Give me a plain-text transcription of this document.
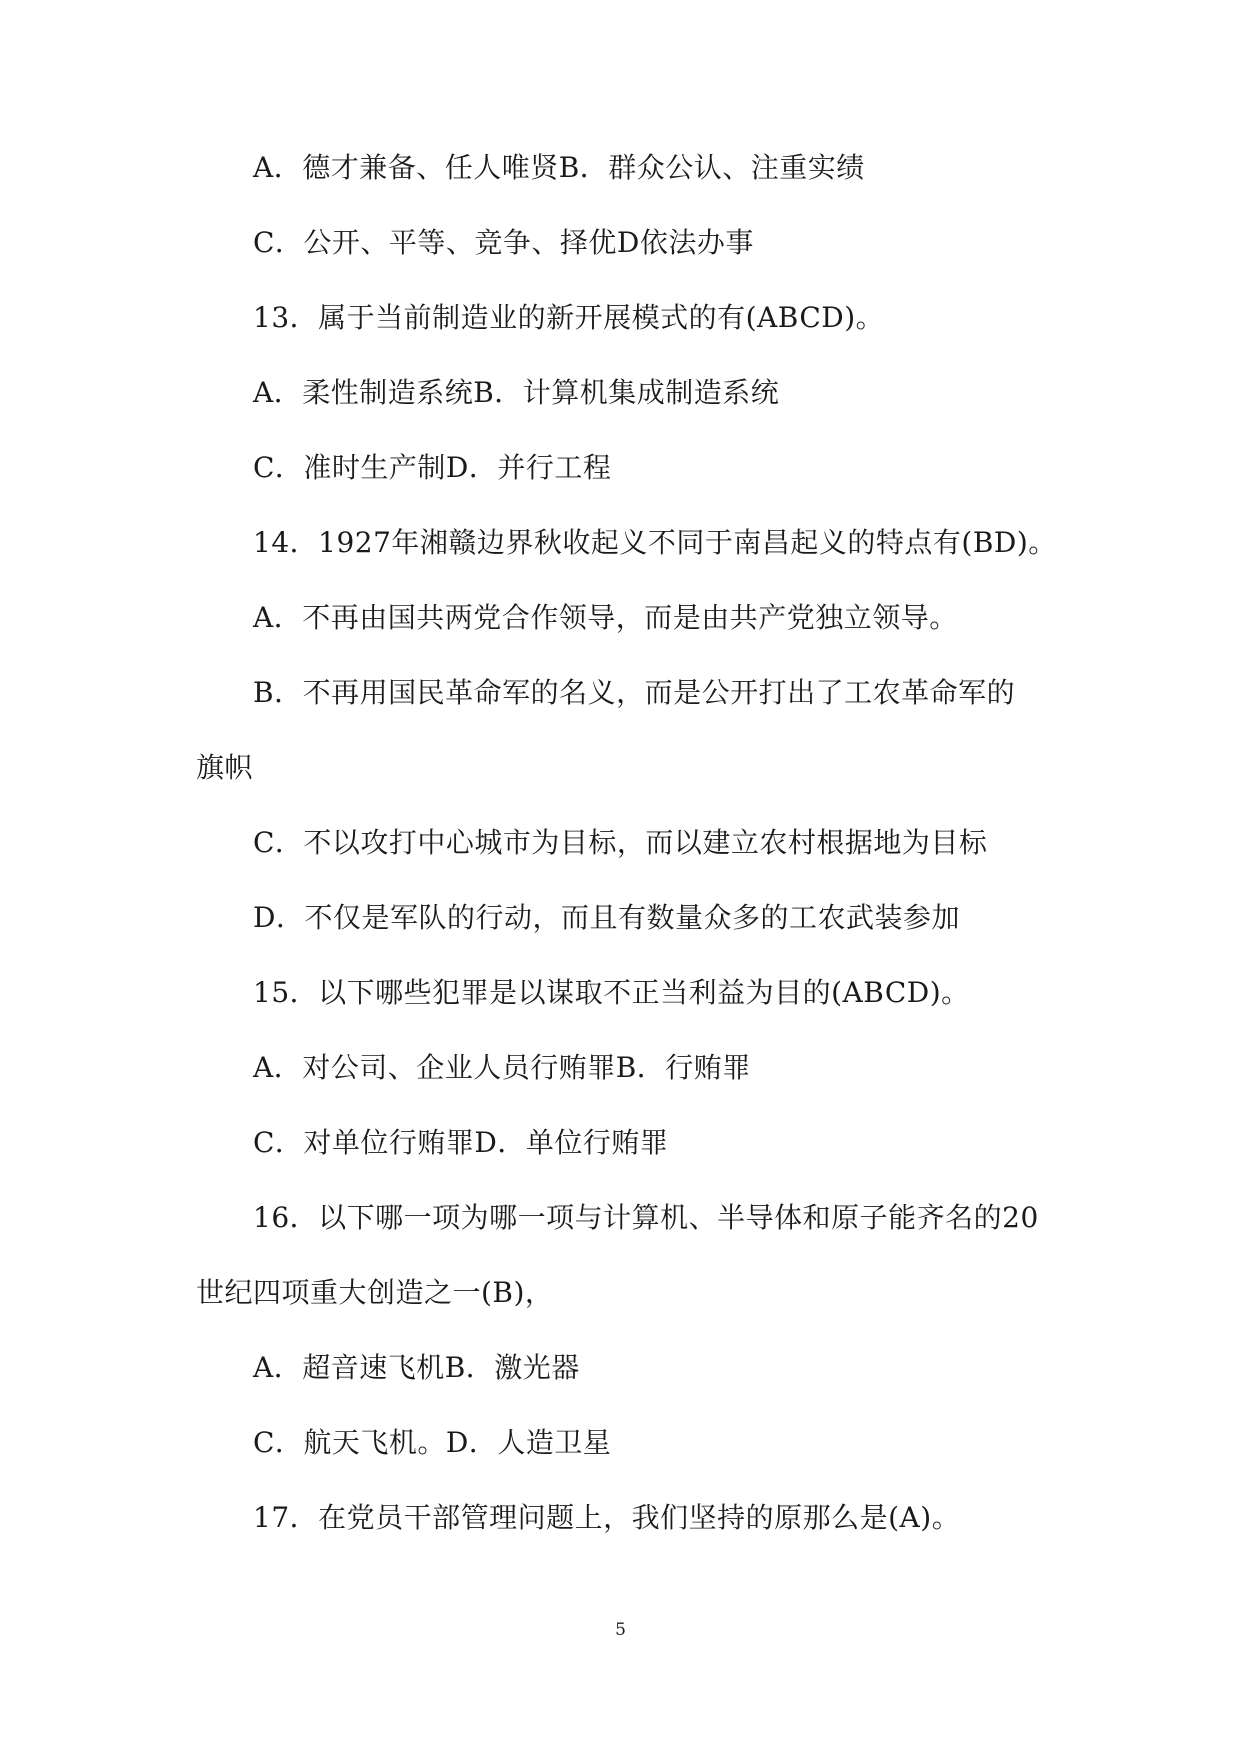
A．德才兼备、任人唯贤B．群众公认、注重实绩
C．公开、平等、竞争、择优D依法办事
13．属于当前制造业的新开展模式的有(ABCD)。
A．柔性制造系统B．计算机集成制造系统
C．准时生产制D．并行工程
14．1927年湘赣边界秋收起义不同于南昌起义的特点有(BD)。
A．不再由国共两党合作领导，而是由共产党独立领导。
B．不再用国民革命军的名义，而是公开打出了工农革命军的
旗帜
C．不以攻打中心城市为目标，而以建立农村根据地为目标
D．不仅是军队的行动，而且有数量众多的工农武装参加
15．以下哪些犯罪是以谋取不正当利益为目的(ABCD)。
A．对公司、企业人员行贿罪B．行贿罪
C．对单位行贿罪D．单位行贿罪
16．以下哪一项为哪一项与计算机、半导体和原子能齐名的20
世纪四项重大创造之一(B)，
A．超音速飞机B．激光器
C．航天飞机。D．人造卫星
17．在党员干部管理问题上，我们坚持的原那么是(A)。
5
